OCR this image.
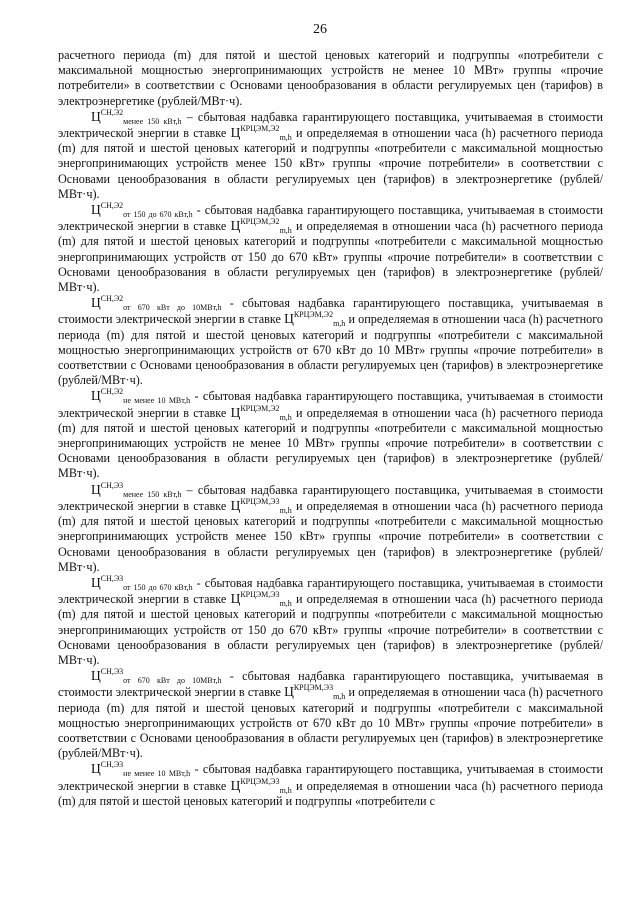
26

расчетного периода (m) для пятой и шестой ценовых категорий и подгруппы «потребители с максимальной мощностью энергопринимающих устройств не менее 10 МВт» группы «прочие потребители» в соответствии с Основами ценообразования в области регулируемых цен (тарифов) в электроэнергетике (рублей/МВт·ч).

$Ц^{СН,Э2}_{менее 150 кВт,h}$ – сбытовая надбавка гарантирующего поставщика, учитываемая в стоимости электрической энергии в ставке $Ц^{КРЦЭМ,Э2}_{m,h}$ и определяемая в отношении часа (h) расчетного периода (m) для пятой и шестой ценовых категорий и подгруппы «потребители с максимальной мощностью энергопринимающих устройств менее 150 кВт» группы «прочие потребители» в соответствии с Основами ценообразования в области регулируемых цен (тарифов) в электроэнергетике (рублей/МВт·ч).

$Ц^{СН,Э2}_{от 150 до 670 кВт,h}$ - сбытовая надбавка гарантирующего поставщика, учитываемая в стоимости электрической энергии в ставке $Ц^{КРЦЭМ,Э2}_{m,h}$ и определяемая в отношении часа (h) расчетного периода (m) для пятой и шестой ценовых категорий и подгруппы «потребители с максимальной мощностью энергопринимающих устройств от 150 до 670 кВт» группы «прочие потребители» в соответствии с Основами ценообразования в области регулируемых цен (тарифов) в электроэнергетике (рублей/МВт·ч).

$Ц^{СН,Э2}_{от 670 кВт до 10МВт,h}$ - сбытовая надбавка гарантирующего поставщика, учитываемая в стоимости электрической энергии в ставке $Ц^{КРЦЭМ,Э2}_{m,h}$ и определяемая в отношении часа (h) расчетного периода (m) для пятой и шестой ценовых категорий и подгруппы «потребители с максимальной мощностью энергопринимающих устройств от 670 кВт до 10 МВт» группы «прочие потребители» в соответствии с Основами ценообразования в области регулируемых цен (тарифов) в электроэнергетике (рублей/МВт·ч).

$Ц^{СН,Э2}_{не менее 10 МВт,h}$ - сбытовая надбавка гарантирующего поставщика, учитываемая в стоимости электрической энергии в ставке $Ц^{КРЦЭМ,Э2}_{m,h}$ и определяемая в отношении часа (h) расчетного периода (m) для пятой и шестой ценовых категорий и подгруппы «потребители с максимальной мощностью энергопринимающих устройств не менее 10 МВт» группы «прочие потребители» в соответствии с Основами ценообразования в области регулируемых цен (тарифов) в электроэнергетике (рублей/МВт·ч).

$Ц^{СН,Э3}_{менее 150 кВт,h}$ – сбытовая надбавка гарантирующего поставщика, учитываемая в стоимости электрической энергии в ставке $Ц^{КРЦЭМ,Э3}_{m,h}$ и определяемая в отношении часа (h) расчетного периода (m) для пятой и шестой ценовых категорий и подгруппы «потребители с максимальной мощностью энергопринимающих устройств менее 150 кВт» группы «прочие потребители» в соответствии с Основами ценообразования в области регулируемых цен (тарифов) в электроэнергетике (рублей/МВт·ч).

$Ц^{СН,Э3}_{от 150 до 670 кВт,h}$ - сбытовая надбавка гарантирующего поставщика, учитываемая в стоимости электрической энергии в ставке $Ц^{КРЦЭМ,Э3}_{m,h}$ и определяемая в отношении часа (h) расчетного периода (m) для пятой и шестой ценовых категорий и подгруппы «потребители с максимальной мощностью энергопринимающих устройств от 150 до 670 кВт» группы «прочие потребители» в соответствии с Основами ценообразования в области регулируемых цен (тарифов) в электроэнергетике (рублей/МВт·ч).

$Ц^{СН,Э3}_{от 670 кВт до 10МВт,h}$ - сбытовая надбавка гарантирующего поставщика, учитываемая в стоимости электрической энергии в ставке $Ц^{КРЦЭМ,Э3}_{m,h}$ и определяемая в отношении часа (h) расчетного периода (m) для пятой и шестой ценовых категорий и подгруппы «потребители с максимальной мощностью энергопринимающих устройств от 670 кВт до 10 МВт» группы «прочие потребители» в соответствии с Основами ценообразования в области регулируемых цен (тарифов) в электроэнергетике (рублей/МВт·ч).

$Ц^{СН,Э3}_{не менее 10 МВт,h}$ - сбытовая надбавка гарантирующего поставщика, учитываемая в стоимости электрической энергии в ставке $Ц^{КРЦЭМ,Э3}_{m,h}$ и определяемая в отношении часа (h) расчетного периода (m) для пятой и шестой ценовых категорий и подгруппы «потребители с
